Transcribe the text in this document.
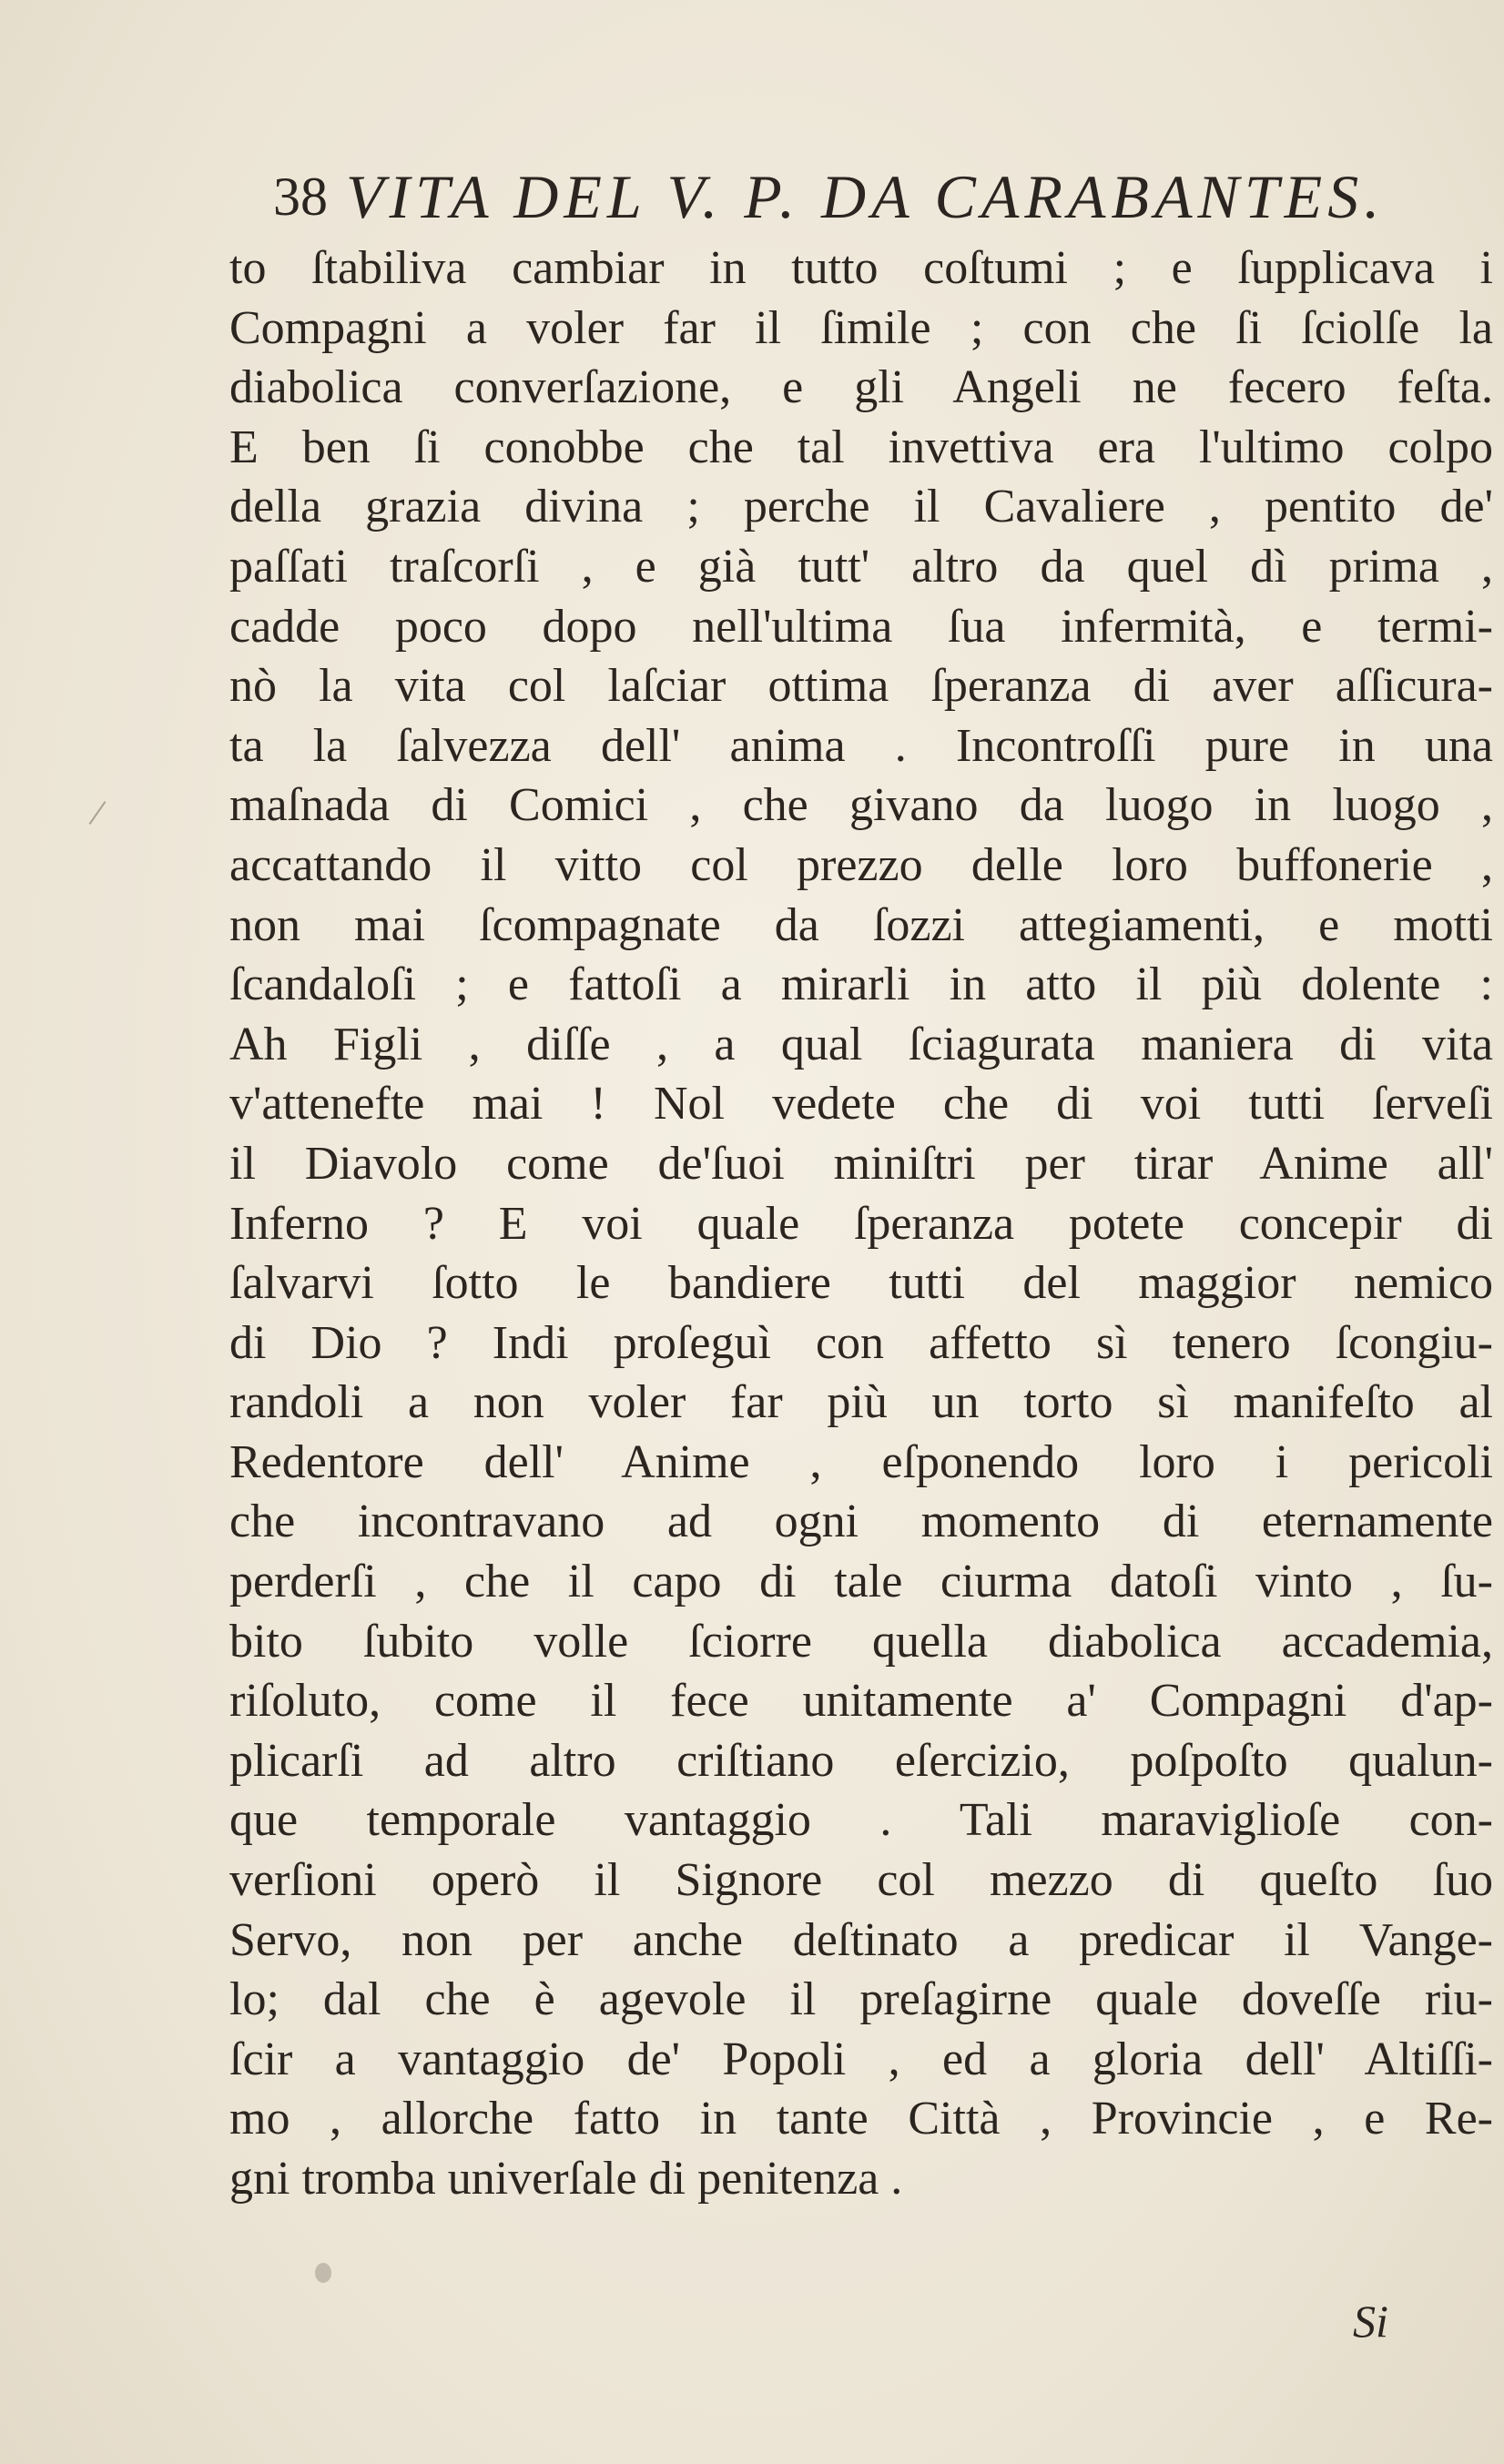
38 VITA DEL V. P. DA CARABANTES.
to ſtabiliva cambiar in tutto coſtumi ; e ſupplicava i
Compagni a voler far il ſimile ; con che ſi ſciolſe la
diabolica converſazione, e gli Angeli ne fecero feſta.
E ben ſi conobbe che tal invettiva era l'ultimo colpo
della grazia divina ; perche il Cavaliere , pentito de'
paſſati traſcorſi , e già tutt' altro da quel dì prima ,
cadde poco dopo nell'ultima ſua infermità, e termi-
nò la vita col laſciar ottima ſperanza di aver aſſicura-
ta la ſalvezza dell' anima . Incontroſſi pure in una
maſnada di Comici , che givano da luogo in luogo ,
accattando il vitto col prezzo delle loro buffonerie ,
non mai ſcompagnate da ſozzi attegiamenti, e motti
ſcandaloſi ; e fattoſi a mirarli in atto il più dolente :
Ah Figli , diſſe , a qual ſciagurata maniera di vita
v'attenefte mai ! Nol vedete che di voi tutti ſerveſi
il Diavolo come de'ſuoi miniſtri per tirar Anime all'
Inferno ? E voi quale ſperanza potete concepir di
ſalvarvi ſotto le bandiere tutti del maggior nemico
di Dio ? Indi proſeguì con affetto sì tenero ſcongiu-
randoli a non voler far più un torto sì manifeſto al
Redentore dell' Anime , eſponendo loro i pericoli
che incontravano ad ogni momento di eternamente
perderſi , che il capo di tale ciurma datoſi vinto , ſu-
bito ſubito volle ſciorre quella diabolica accademia,
riſoluto, come il fece unitamente a' Compagni d'ap-
plicarſi ad altro criſtiano eſercizio, poſpoſto qualun-
que temporale vantaggio . Tali maraviglioſe con-
verſioni operò il Signore col mezzo di queſto ſuo
Servo, non per anche deſtinato a predicar il Vange-
lo; dal che è agevole il preſagirne quale doveſſe riu-
ſcir a vantaggio de' Popoli , ed a gloria dell' Altiſſi-
mo , allorche fatto in tante Città , Provincie , e Re-
gni tromba univerſale di penitenza .
Si
